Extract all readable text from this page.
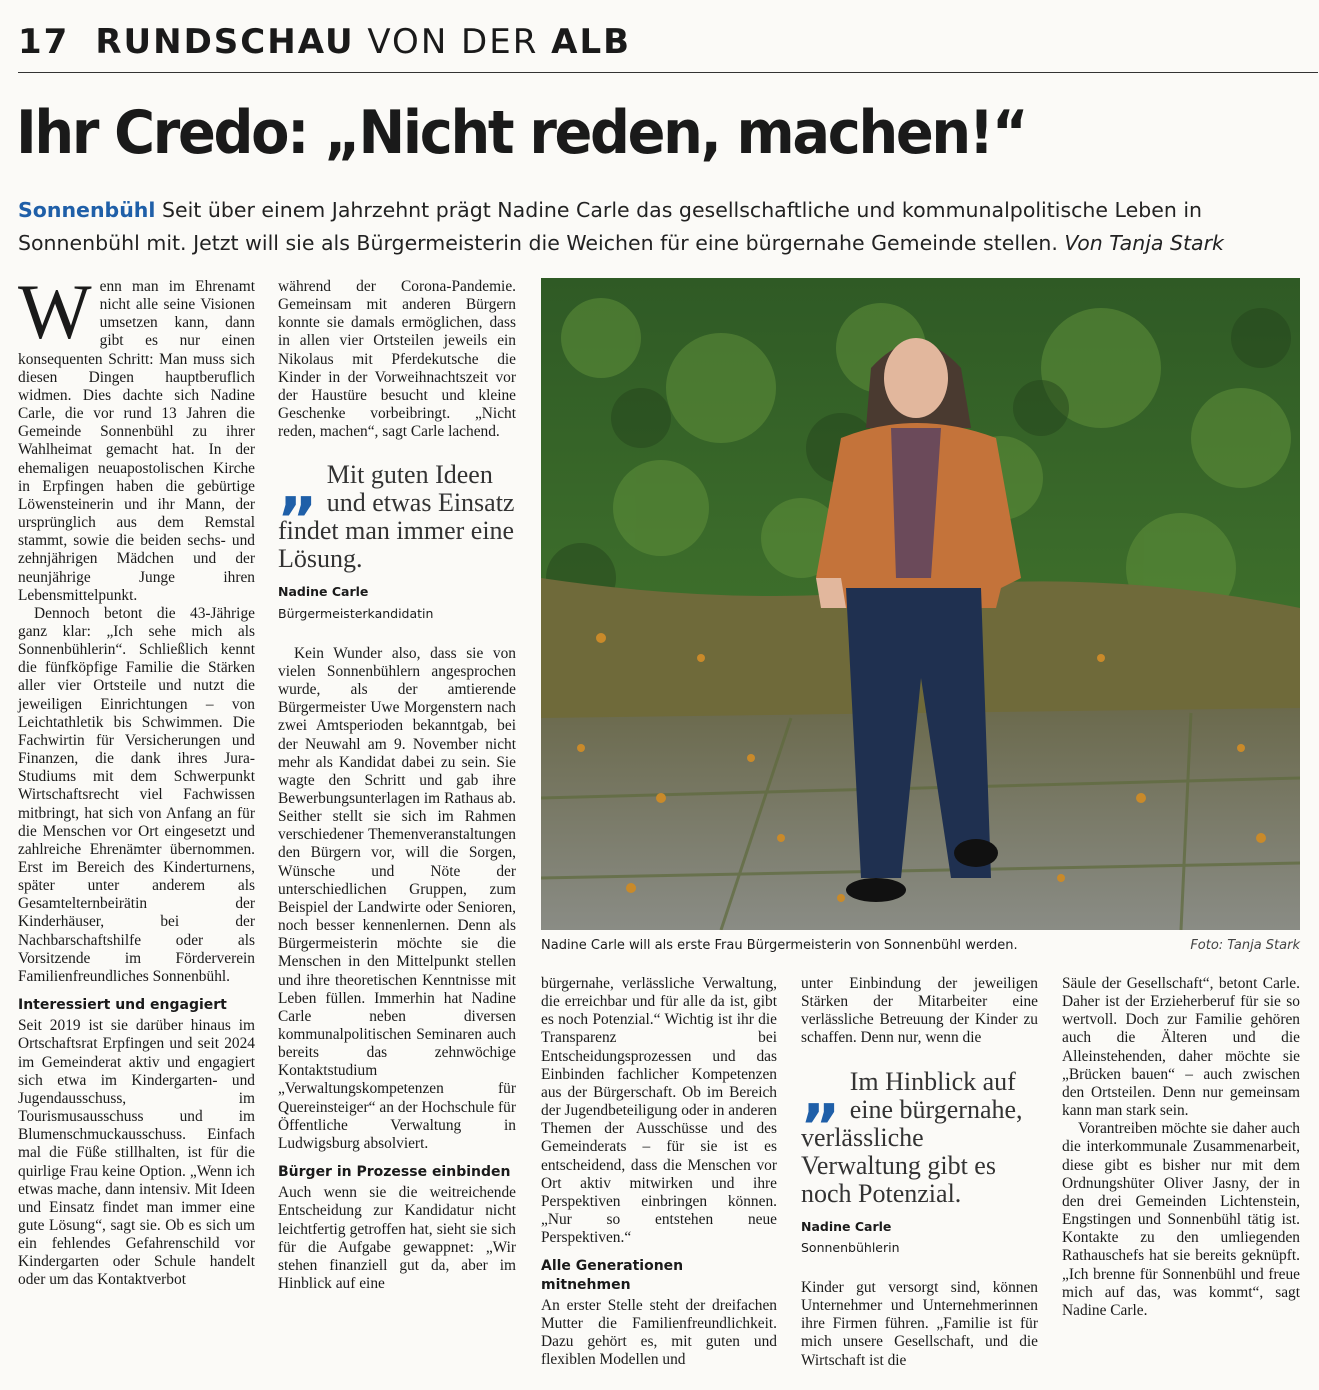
17 RUNDSCHAU VON DER ALB
Ihr Credo: „Nicht reden, machen!“
Sonnenbühl Seit über einem Jahrzehnt prägt Nadine Carle das gesellschaftliche und kommunalpolitische Leben in Sonnenbühl mit. Jetzt will sie als Bürgermeisterin die Weichen für eine bürgernahe Gemeinde stellen. Von Tanja Stark

Wenn man im Ehrenamt nicht alle seine Visionen umsetzen kann, dann gibt es nur einen konsequenten Schritt: Man muss sich diesen Dingen hauptberuflich widmen. Dies dachte sich Nadine Carle, die vor rund 13 Jahren die Gemeinde Sonnenbühl zu ihrer Wahlheimat gemacht hat. In der ehemaligen neuapostolischen Kirche in Erpfingen haben die gebürtige Löwensteinerin und ihr Mann, der ursprünglich aus dem Remstal stammt, sowie die beiden sechs- und zehnjährigen Mädchen und der neunjährige Junge ihren Lebensmittelpunkt.

Dennoch betont die 43-Jährige ganz klar: „Ich sehe mich als Sonnenbühlerin“. Schließlich kennt die fünfköpfige Familie die Stärken aller vier Ortsteile und nutzt die jeweiligen Einrichtungen – von Leichtathletik bis Schwimmen. Die Fachwirtin für Versicherungen und Finanzen, die dank ihres Jura-Studiums mit dem Schwerpunkt Wirtschaftsrecht viel Fachwissen mitbringt, hat sich von Anfang an für die Menschen vor Ort eingesetzt und zahlreiche Ehrenämter übernommen. Erst im Bereich des Kinderturnens, später unter anderem als Gesamtelternbeirätin der Kinderhäuser, bei der Nachbarschaftshilfe oder als Vorsitzende im Förderverein Familienfreundliches Sonnenbühl.

Interessiert und engagiert

Seit 2019 ist sie darüber hinaus im Ortschaftsrat Erpfingen und seit 2024 im Gemeinderat aktiv und engagiert sich etwa im Kindergarten- und Jugendausschuss, im Tourismusausschuss und im Blumenschmuckausschuss. Einfach mal die Füße stillhalten, ist für die quirlige Frau keine Option. „Wenn ich etwas mache, dann intensiv. Mit Ideen und Einsatz findet man immer eine gute Lösung“, sagt sie. Ob es sich um ein fehlendes Gefahrenschild vor Kindergarten oder Schule handelt oder um das Kontaktverbot

während der Corona-Pandemie. Gemeinsam mit anderen Bürgern konnte sie damals ermöglichen, dass in allen vier Ortsteilen jeweils ein Nikolaus mit Pferdekutsche die Kinder in der Vorweihnachtszeit vor der Haustüre besucht und kleine Geschenke vorbeibringt. „Nicht reden, machen“, sagt Carle lachend.

„ Mit guten Ideen und etwas Einsatz findet man immer eine Lösung.
Nadine Carle
Bürgermeisterkandidatin

Kein Wunder also, dass sie von vielen Sonnenbühlern angesprochen wurde, als der amtierende Bürgermeister Uwe Morgenstern nach zwei Amtsperioden bekanntgab, bei der Neuwahl am 9. November nicht mehr als Kandidat dabei zu sein. Sie wagte den Schritt und gab ihre Bewerbungsunterlagen im Rathaus ab. Seither stellt sie sich im Rahmen verschiedener Themenveranstaltungen den Bürgern vor, will die Sorgen, Wünsche und Nöte der unterschiedlichen Gruppen, zum Beispiel der Landwirte oder Senioren, noch besser kennenlernen. Denn als Bürgermeisterin möchte sie die Menschen in den Mittelpunkt stellen und ihre theoretischen Kenntnisse mit Leben füllen. Immerhin hat Nadine Carle neben diversen kommunalpolitischen Seminaren auch bereits das zehnwöchige Kontaktstudium „Verwaltungskompetenzen für Quereinsteiger“ an der Hochschule für Öffentliche Verwaltung in Ludwigsburg absolviert.

Bürger in Prozesse einbinden

Auch wenn sie die weitreichende Entscheidung zur Kandidatur nicht leichtfertig getroffen hat, sieht sie sich für die Aufgabe gewappnet: „Wir stehen finanziell gut da, aber im Hinblick auf eine

Nadine Carle will als erste Frau Bürgermeisterin von Sonnenbühl werden.	Foto: Tanja Stark

bürgernahe, verlässliche Verwaltung, die erreichbar und für alle da ist, gibt es noch Potenzial.“ Wichtig ist ihr die Transparenz bei Entscheidungsprozessen und das Einbinden fachlicher Kompetenzen aus der Bürgerschaft. Ob im Bereich der Jugendbeteiligung oder in anderen Themen der Ausschüsse und des Gemeinderats – für sie ist es entscheidend, dass die Menschen vor Ort aktiv mitwirken und ihre Perspektiven einbringen können. „Nur so entstehen neue Perspektiven.“

Alle Generationen mitnehmen

An erster Stelle steht der dreifachen Mutter die Familienfreundlichkeit. Dazu gehört es, mit guten und flexiblen Modellen und

unter Einbindung der jeweiligen Stärken der Mitarbeiter eine verlässliche Betreuung der Kinder zu schaffen. Denn nur, wenn die

„ Im Hinblick auf eine bürgernahe, verlässliche Verwaltung gibt es noch Potenzial.
Nadine Carle
Sonnenbühlerin

Kinder gut versorgt sind, können Unternehmer und Unternehmerinnen ihre Firmen führen. „Familie ist für mich unsere Gesellschaft, und die Wirtschaft ist die

Säule der Gesellschaft“, betont Carle. Daher ist der Erzieherberuf für sie so wertvoll. Doch zur Familie gehören auch die Älteren und die Alleinstehenden, daher möchte sie „Brücken bauen“ – auch zwischen den Ortsteilen. Denn nur gemeinsam kann man stark sein.

Vorantreiben möchte sie daher auch die interkommunale Zusammenarbeit, diese gibt es bisher nur mit dem Ordnungshüter Oliver Jasny, der in den drei Gemeinden Lichtenstein, Engstingen und Sonnenbühl tätig ist. Kontakte zu den umliegenden Rathauschefs hat sie bereits geknüpft. „Ich brenne für Sonnenbühl und freue mich auf das, was kommt“, sagt Nadine Carle.
